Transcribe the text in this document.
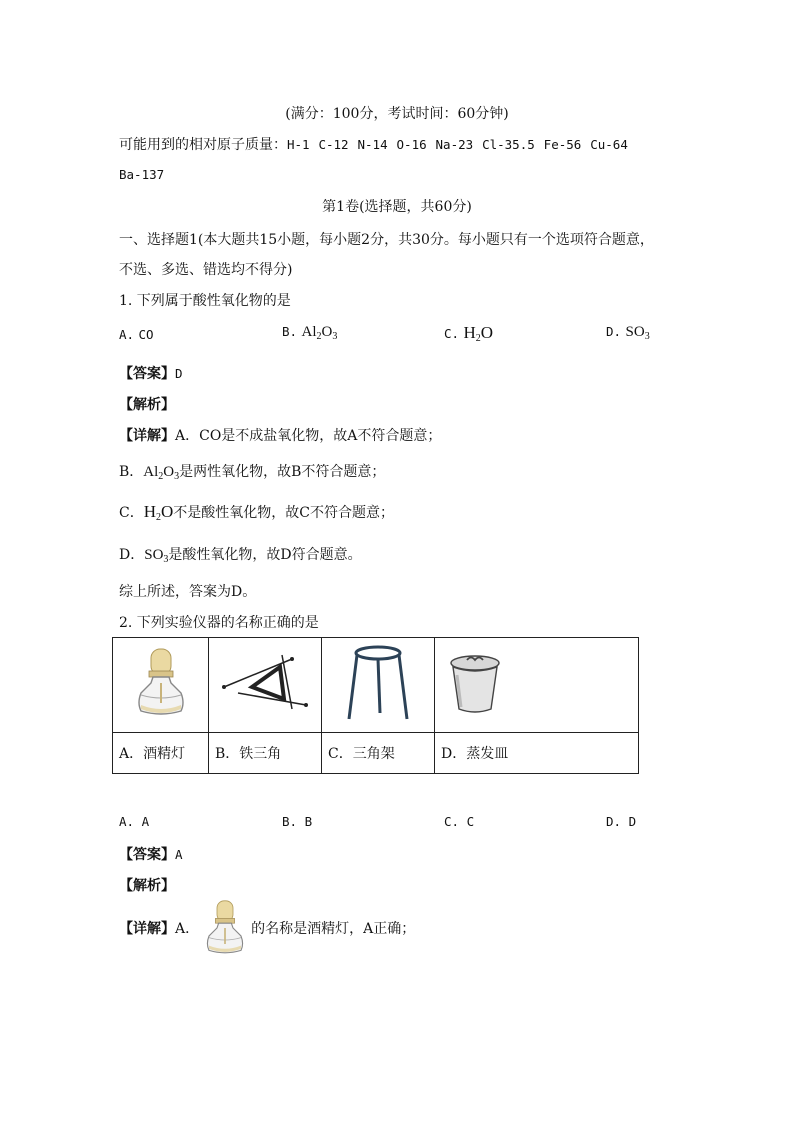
(满分：100分，考试时间：60分钟)
可能用到的相对原子质量：H-1 C-12 N-14 O-16 Na-23 Cl-35.5 Fe-56 Cu-64
Ba-137
第1卷(选择题，共60分)
一、选择题1(本大题共15小题，每小题2分，共30分。每小题只有一个选项符合题意，
不选、多选、错选均不得分)
1. 下列属于酸性氧化物的是
A. CO	B. $Al_2O_3$	C. $H_2O$	D. $SO_3$
【答案】D
【解析】
【详解】A．CO是不成盐氧化物，故A不符合题意；
B．$Al_2O_3$是两性氧化物，故B不符合题意；
C．$H_2O$不是酸性氧化物，故C不符合题意；
D．$SO_3$是酸性氧化物，故D符合题意。
综上所述，答案为D。
2. 下列实验仪器的名称正确的是

A．酒精灯	B．铁三角	C．三角架	D．蒸发皿
A. A	B. B	C. C	D. D
【答案】A
【解析】
【详解】 A．	的名称是酒精灯，A正确；
